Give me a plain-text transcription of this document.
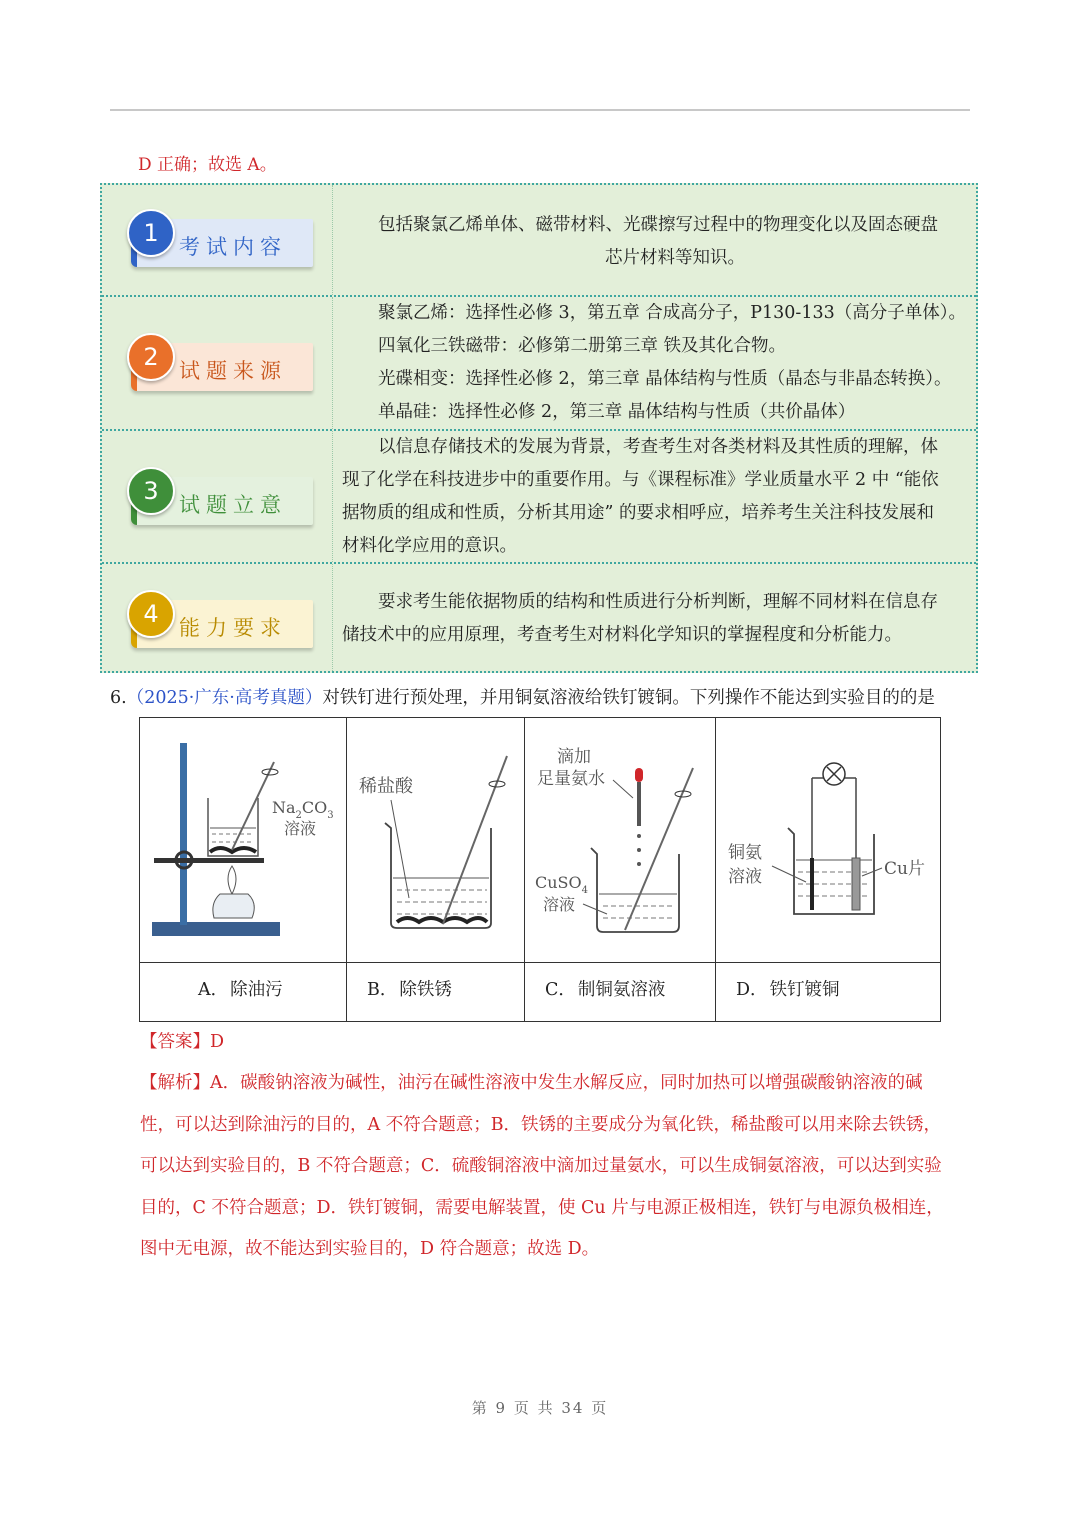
D 正确；故选 A。
1 考试内容
包括聚氯乙烯单体、磁带材料、光碟擦写过程中的物理变化以及固态硬盘
芯片材料等知识。
2 试题来源
聚氯乙烯：选择性必修 3，第五章 合成高分子，P130-133（高分子单体）。
四氧化三铁磁带：必修第二册第三章 铁及其化合物。
光碟相变：选择性必修 2，第三章 晶体结构与性质（晶态与非晶态转换）。
单晶硅：选择性必修 2，第三章 晶体结构与性质（共价晶体）
3 试题立意
以信息存储技术的发展为背景，考查考生对各类材料及其性质的理解，体
现了化学在科技进步中的重要作用。与《课程标准》学业质量水平 2 中 “能依
据物质的组成和性质，分析其用途” 的要求相呼应，培养考生关注科技发展和
材料化学应用的意识。
4 能力要求
要求考生能依据物质的结构和性质进行分析判断，理解不同材料在信息存
储技术中的应用原理，考查考生对材料化学知识的掌握程度和分析能力。
6.（2025·广东·高考真题）对铁钉进行预处理，并用铜氨溶液给铁钉镀铜。下列操作不能达到实验目的的是
$Na_2CO_3$
溶液
A． 除油污
稀盐酸
B． 除铁锈
滴加
足量氨水
CuSO$_4$
溶液
C． 制铜氨溶液
铜氨
溶液	Cu片
D． 铁钉镀铜
【答案】D
【解析】A．碳酸钠溶液为碱性，油污在碱性溶液中发生水解反应，同时加热可以增强碳酸钠溶液的碱
性，可以达到除油污的目的，A 不符合题意；B．铁锈的主要成分为氧化铁，稀盐酸可以用来除去铁锈，
可以达到实验目的，B 不符合题意；C．硫酸铜溶液中滴加过量氨水，可以生成铜氨溶液，可以达到实验
目的，C 不符合题意；D．铁钉镀铜，需要电解装置，使 Cu 片与电源正极相连，铁钉与电源负极相连，
图中无电源，故不能达到实验目的，D 符合题意；故选 D。
第 9 页 共 34 页
